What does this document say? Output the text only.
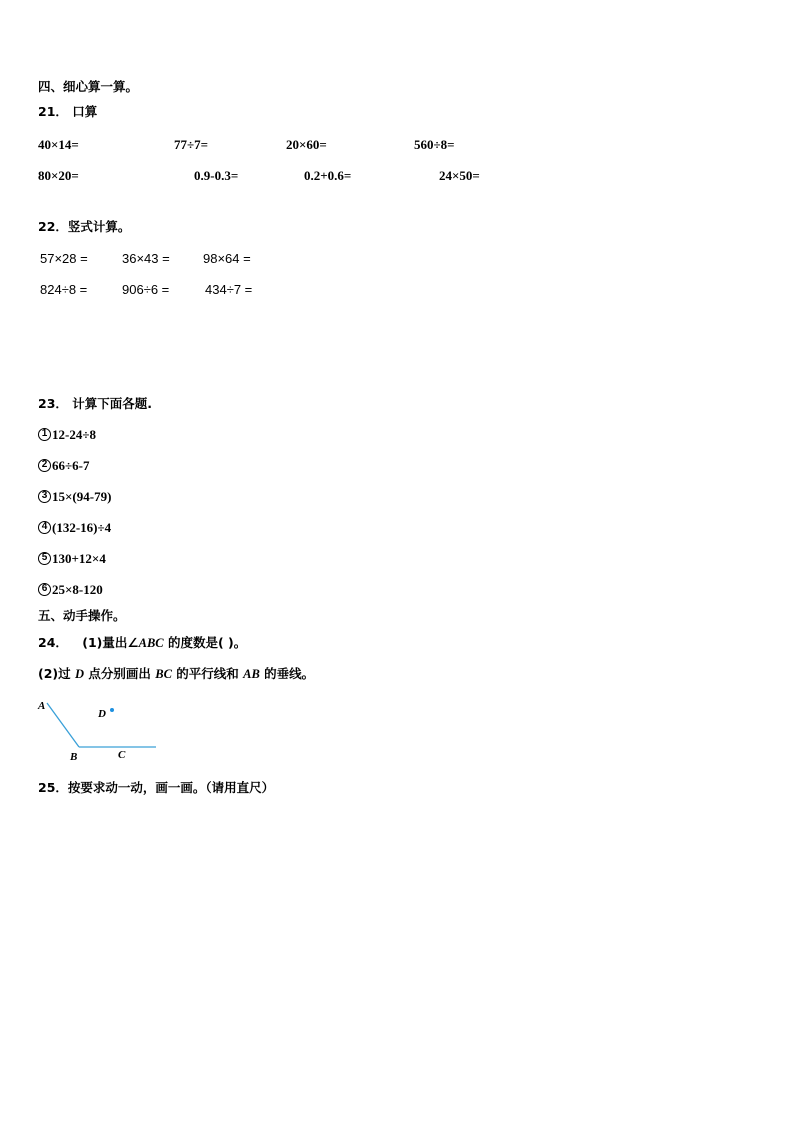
四、细心算一算。
21． 口算
40×14=	77÷7=	20×60=	560÷8=
80×20=	0.9-0.3=	0.2+0.6=	24×50=
22．竖式计算。
57×28 =	36×43 =	98×64 =
824÷8 =	906÷6 =	434÷7 =
23． 计算下面各题.
1 12-24÷8
2 66÷6-7
3 15×(94-79)
4 (132-16)÷4
5 130+12×4
6 25×8-120
五、动手操作。
24． (1)量出∠ABC 的度数是( )。
(2)过 D 点分别画出 BC 的平行线和 AB 的垂线。
A
B	C
D
25．按要求动一动，画一画。（请用直尺）
